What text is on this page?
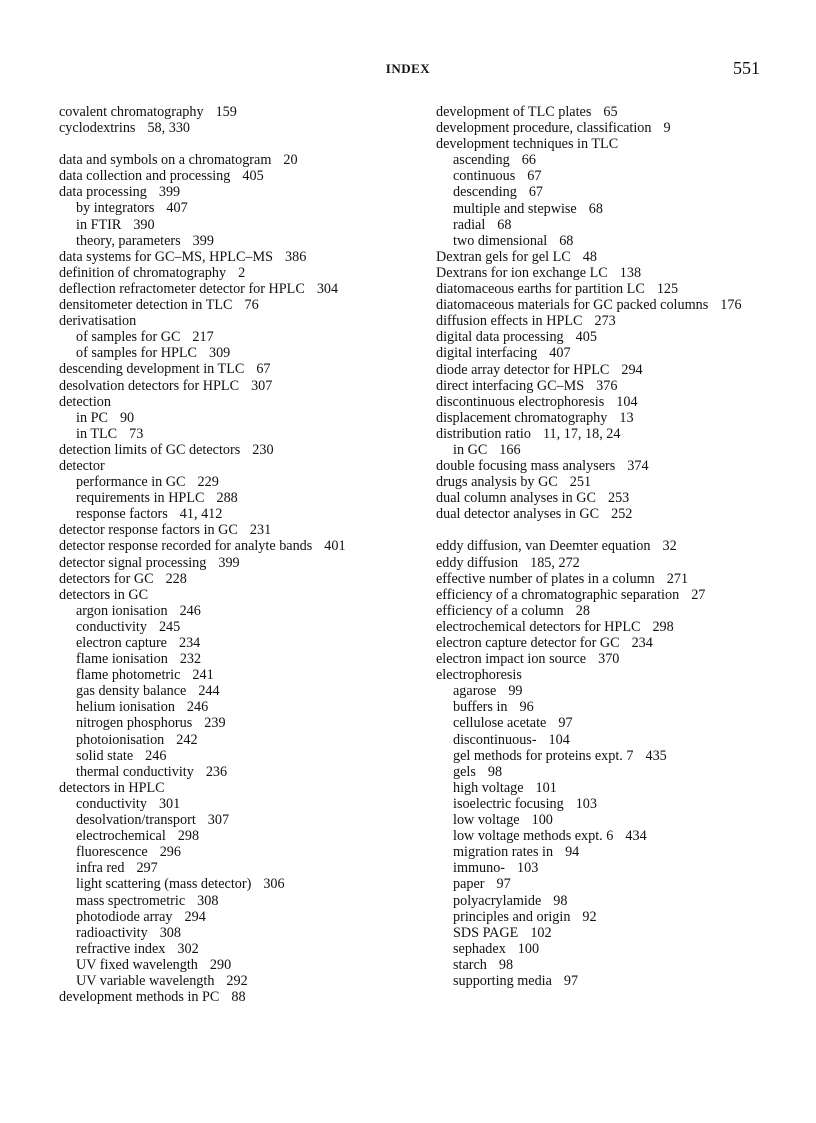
INDEX	551
covalent chromatography 159
cyclodextrins 58, 330
data and symbols on a chromatogram 20
data collection and processing 405
data processing 399
by integrators 407
in FTIR 390
theory, parameters 399
data systems for GC–MS, HPLC–MS 386
definition of chromatography 2
deflection refractometer detector for HPLC 304
densitometer detection in TLC 76
derivatisation
of samples for GC 217
of samples for HPLC 309
descending development in TLC 67
desolvation detectors for HPLC 307
detection
in PC 90
in TLC 73
detection limits of GC detectors 230
detector
performance in GC 229
requirements in HPLC 288
response factors 41, 412
detector response factors in GC 231
detector response recorded for analyte bands 401
detector signal processing 399
detectors for GC 228
detectors in GC
argon ionisation 246
conductivity 245
electron capture 234
flame ionisation 232
flame photometric 241
gas density balance 244
helium ionisation 246
nitrogen phosphorus 239
photoionisation 242
solid state 246
thermal conductivity 236
detectors in HPLC
conductivity 301
desolvation/transport 307
electrochemical 298
fluorescence 296
infra red 297
light scattering (mass detector) 306
mass spectrometric 308
photodiode array 294
radioactivity 308
refractive index 302
UV fixed wavelength 290
UV variable wavelength 292
development methods in PC 88
development of TLC plates 65
development procedure, classification 9
development techniques in TLC
ascending 66
continuous 67
descending 67
multiple and stepwise 68
radial 68
two dimensional 68
Dextran gels for gel LC 48
Dextrans for ion exchange LC 138
diatomaceous earths for partition LC 125
diatomaceous materials for GC packed columns 176
diffusion effects in HPLC 273
digital data processing 405
digital interfacing 407
diode array detector for HPLC 294
direct interfacing GC–MS 376
discontinuous electrophoresis 104
displacement chromatography 13
distribution ratio 11, 17, 18, 24
in GC 166
double focusing mass analysers 374
drugs analysis by GC 251
dual column analyses in GC 253
dual detector analyses in GC 252
eddy diffusion, van Deemter equation 32
eddy diffusion 185, 272
effective number of plates in a column 271
efficiency of a chromatographic separation 27
efficiency of a column 28
electrochemical detectors for HPLC 298
electron capture detector for GC 234
electron impact ion source 370
electrophoresis
agarose 99
buffers in 96
cellulose acetate 97
discontinuous- 104
gel methods for proteins expt. 7 435
gels 98
high voltage 101
isoelectric focusing 103
low voltage 100
low voltage methods expt. 6 434
migration rates in 94
immuno- 103
paper 97
polyacrylamide 98
principles and origin 92
SDS PAGE 102
sephadex 100
starch 98
supporting media 97
